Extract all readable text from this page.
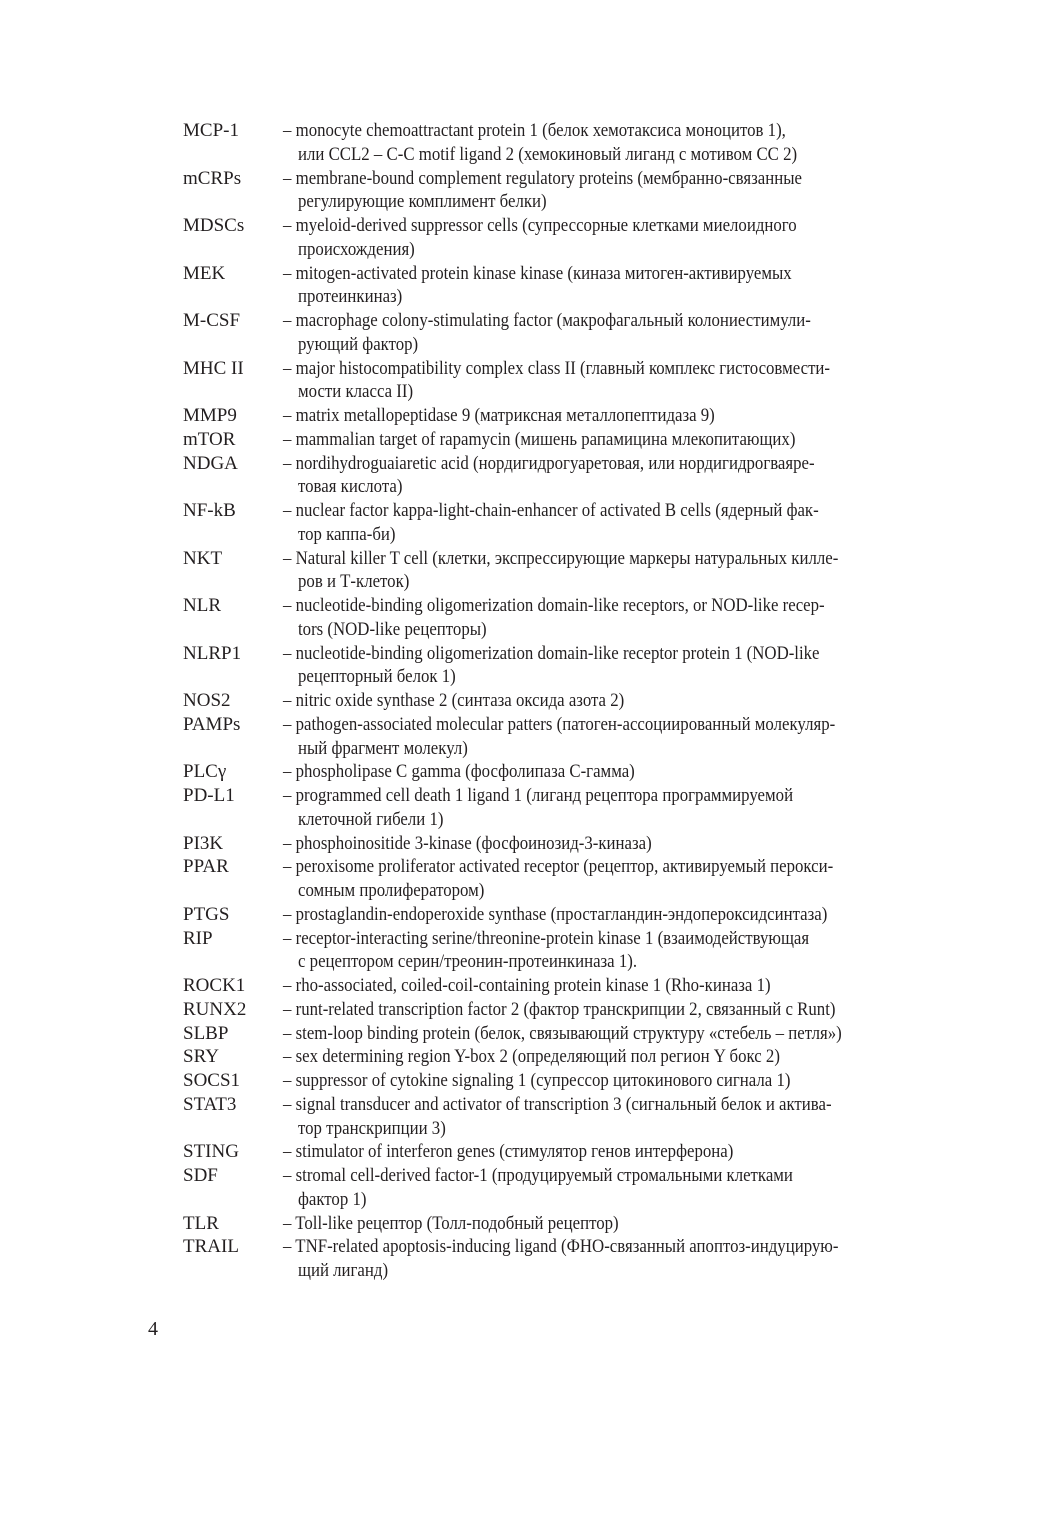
MCP-1 – monocyte chemoattractant protein 1 (белок хемотаксиса моноцитов 1),
или CCL2 – C-C motif ligand 2 (хемокиновый лиганд с мотивом CC 2)
mCRPs – membrane-bound complement regulatory proteins (мембранно-связанные
регулирующие комплимент белки)
MDSCs – myeloid-derived suppressor cells (супрессорные клетками миелоидного
происхождения)
MEK	– mitogen-activated protein kinase kinase (киназа митоген-активируемых
протеинкиназ)
M-CSF – macrophage colony-stimulating factor (макрофагальный колониестимули-
рующий фактор)
MHC II – major histocompatibility complex class II (главный комплекс гистосовмести-
мости класса II)
MMP9 – matrix metallopeptidase 9 (матриксная металлопептидаза 9)
mTOR	– mammalian target of rapamycin (мишень рапамицина млекопитающих)
NDGA – nordihydroguaiaretic acid (нордигидрогуаретовая, или нордигидрогваяре-
товая кислота)
NF-kB – nuclear factor kappa-light-chain-enhancer of activated B cells (ядерный фак-
тор каппа-би)
NKT	– Natural killer T cell (клетки, экспрессирующие маркеры натуральных килле-
ров и Т-клеток)
NLR	– nucleotide-binding oligomerization domain-like receptors, or NOD-like recep-
tors (NOD-like рецепторы)
NLRP1 – nucleotide-binding oligomerization domain-like receptor protein 1 (NOD-like
рецепторный белок 1)
NOS2	– nitric oxide synthase 2 (синтаза оксида азота 2)
PAMPs – pathogen-associated molecular patters (патоген-ассоциированный молекуляр-
ный фрагмент молекул)
PLCγ	– phospholipase C gamma (фосфолипаза С-гамма)
PD-L1	– programmed cell death 1 ligand 1 (лиганд рецептора программируемой
клеточной гибели 1)
PI3K	– phosphoinositide 3-kinase (фосфоинозид-3-киназа)
PPAR	– peroxisome proliferator activated receptor (рецептор, активируемый перокси-
сомным пролифератором)
PTGS	– prostaglandin-endoperoxide synthase (простагландин-эндопероксидсинтаза)
RIP	– receptor-interacting serine/threonine-protein kinase 1 (взаимодействующая
с рецептором серин/треонин-протеинкиназа 1).
ROCK1 – rho-associated, coiled-coil-containing protein kinase 1 (Rho-киназа 1)
RUNX2 – runt-related transcription factor 2 (фактор транскрипции 2, связанный с Runt)
SLBP	– stem-loop binding protein (белок, связывающий структуру «стебель – петля»)
SRY	– sex determining region Y-box 2 (определяющий пол регион Y бокс 2)
SOCS1 – suppressor of cytokine signaling 1 (супрессор цитокинового сигнала 1)
STAT3 – signal transducer and activator of transcription 3 (сигнальный белок и актива-
тор транскрипции 3)
STING – stimulator of interferon genes (стимулятор генов интерферона)
SDF	– stromal cell-derived factor-1 (продуцируемый стромальными клетками
фактор 1)
TLR	– Toll-like рецептор (Толл-подобный рецептор)
TRAIL – TNF-related apoptosis-inducing ligand (ФНО-связанный апоптоз-индуцирую-
щий лиганд)
4
